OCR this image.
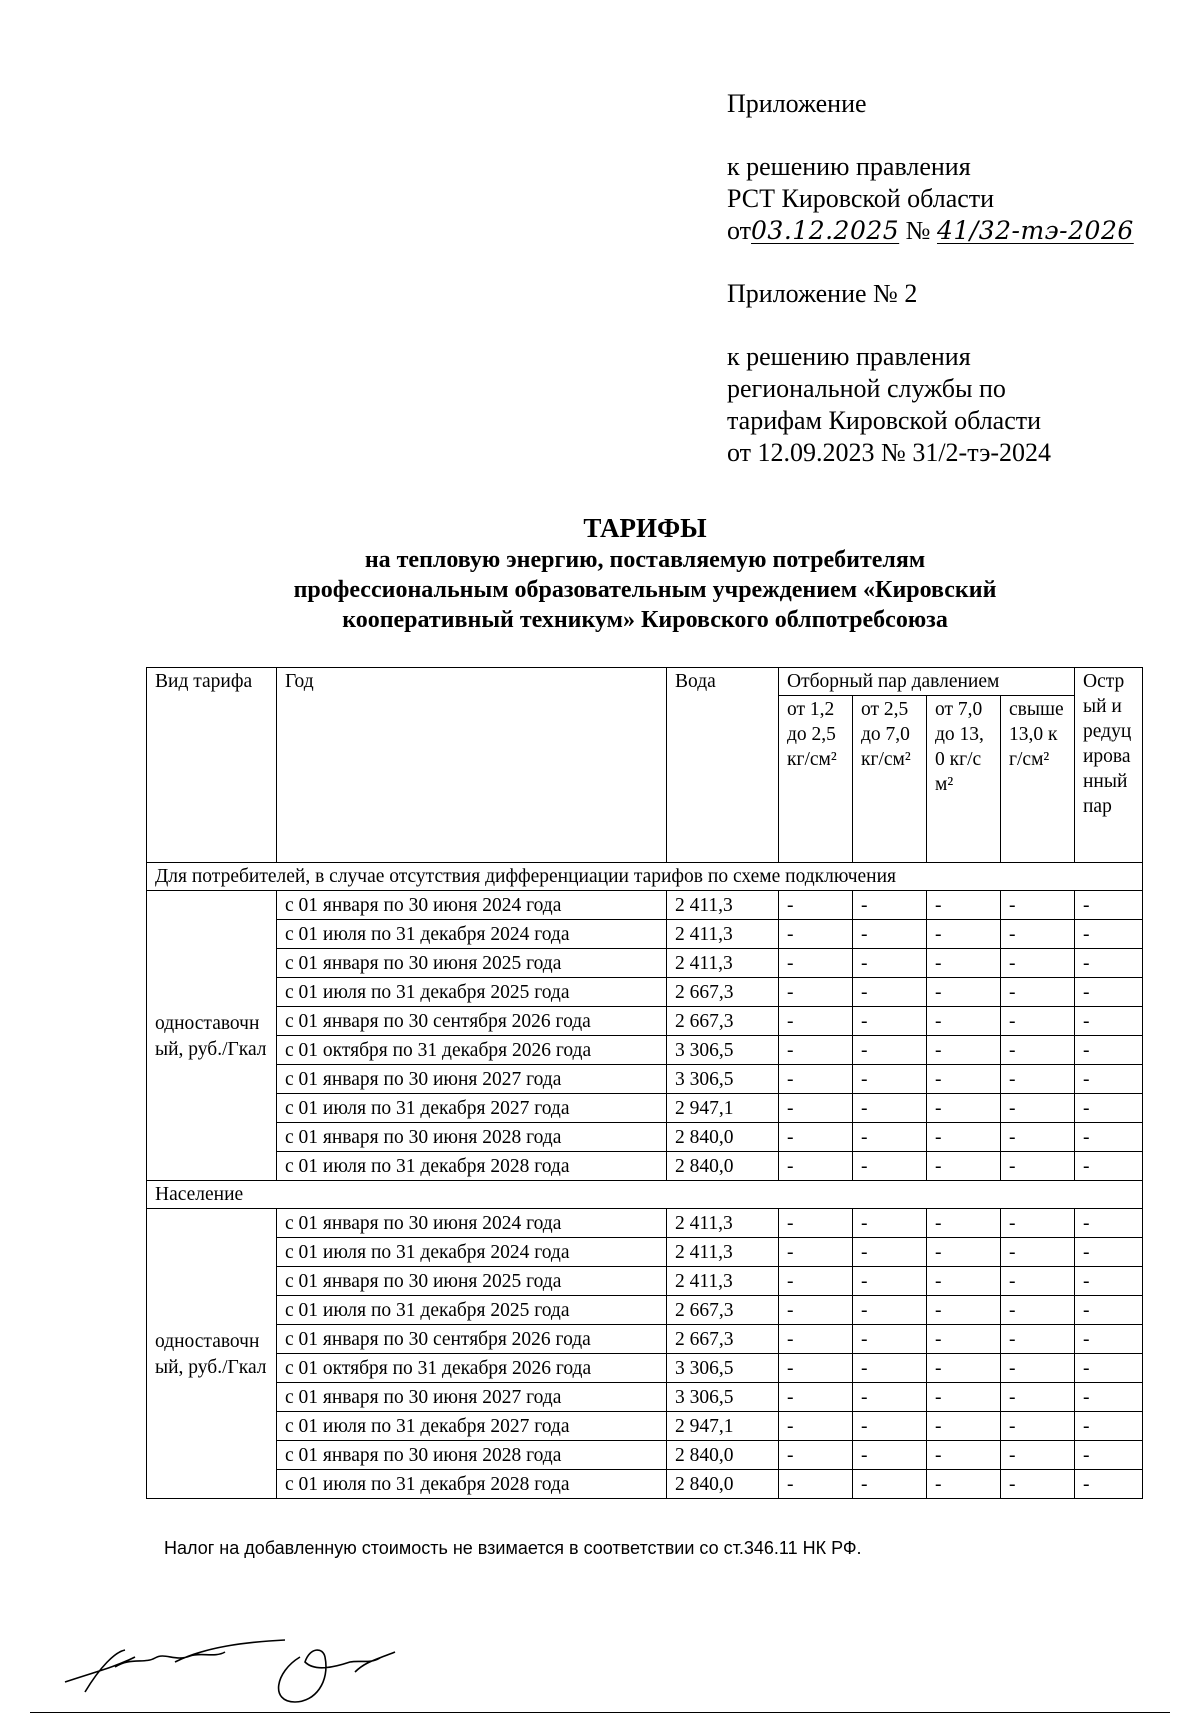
Приложение

к решению правления

РСТ Кировской области

от03.12.2025 № 41/32-тэ-2026

Приложение № 2

к решению правления

региональной службы по

тарифам Кировской области

от 12.09.2023 № 31/2-тэ-2024

ТАРИФЫ
на тепловую энергию, поставляемую потребителям
профессиональным образовательным учреждением «Кировский
кооперативный техникум» Кировского облпотребсоюза
Вид тарифа	Год	Вода	Отборный пар давлением				Острый и редуцированный пар
			от 1,2 до 2,5 кг/см²	от 2,5 до 7,0 кг/см²	от 7,0 до 13,0 кг/см²	свыше 13,0 кг/см²	
Для потребителей, в случае отсутствия дифференциации тарифов по схеме подключения							
одноставочный, руб./Гкал	с 01 января по 30 июня 2024 года	2 411,3	-	-	-	-	-
	с 01 июля по 31 декабря 2024 года	2 411,3	-	-	-	-	-
	с 01 января по 30 июня 2025 года	2 411,3	-	-	-	-	-
	с 01 июля по 31 декабря 2025 года	2 667,3	-	-	-	-	-
	с 01 января по 30 сентября 2026 года	2 667,3	-	-	-	-	-
	с 01 октября по 31 декабря 2026 года	3 306,5	-	-	-	-	-
	с 01 января по 30 июня 2027 года	3 306,5	-	-	-	-	-
	с 01 июля по 31 декабря 2027 года	2 947,1	-	-	-	-	-
	с 01 января по 30 июня 2028 года	2 840,0	-	-	-	-	-
	с 01 июля по 31 декабря 2028 года	2 840,0	-	-	-	-	-
Население							
одноставочный, руб./Гкал	с 01 января по 30 июня 2024 года	2 411,3	-	-	-	-	-
	с 01 июля по 31 декабря 2024 года	2 411,3	-	-	-	-	-
	с 01 января по 30 июня 2025 года	2 411,3	-	-	-	-	-
	с 01 июля по 31 декабря 2025 года	2 667,3	-	-	-	-	-
	с 01 января по 30 сентября 2026 года	2 667,3	-	-	-	-	-
	с 01 октября по 31 декабря 2026 года	3 306,5	-	-	-	-	-
	с 01 января по 30 июня 2027 года	3 306,5	-	-	-	-	-
	с 01 июля по 31 декабря 2027 года	2 947,1	-	-	-	-	-
	с 01 января по 30 июня 2028 года	2 840,0	-	-	-	-	-
	с 01 июля по 31 декабря 2028 года	2 840,0	-	-	-	-	-
Налог на добавленную стоимость не взимается в соответствии со ст.346.11 НК РФ.
